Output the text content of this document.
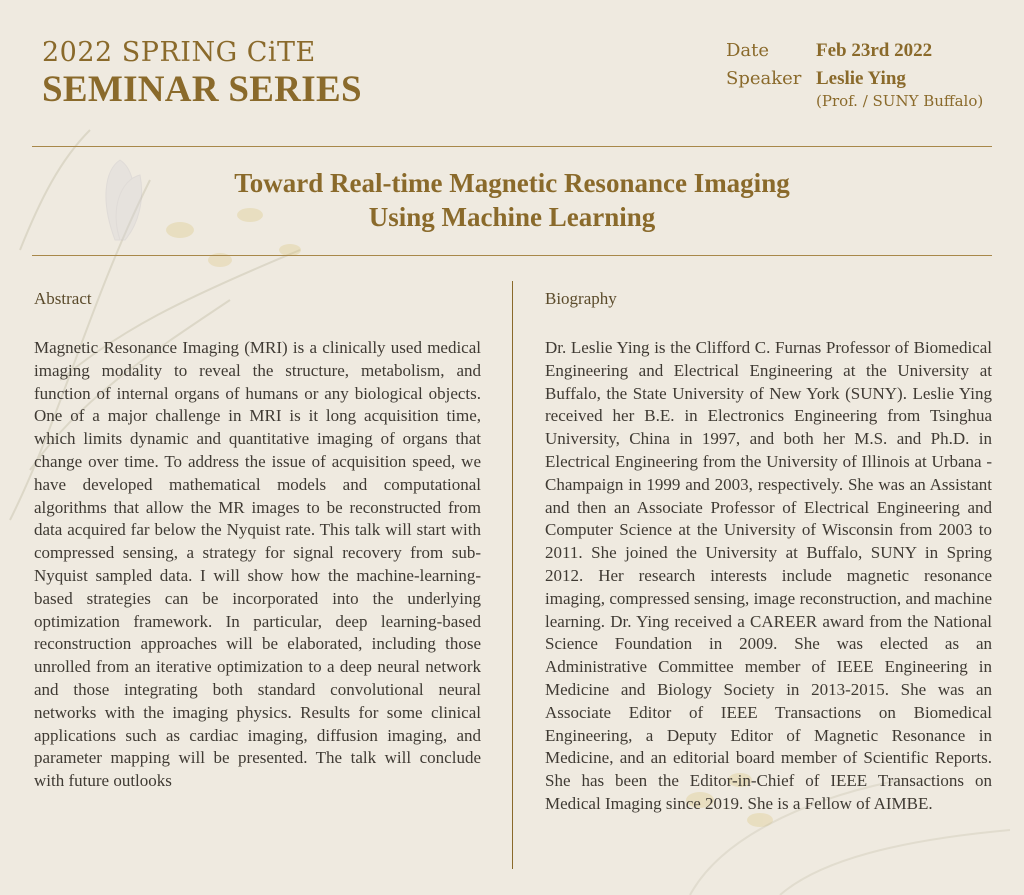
2022 SPRING CiTE
SEMINAR SERIES
Date	Feb 23rd 2022
Speaker Leslie Ying
(Prof. / SUNY Buffalo)
Toward Real-time Magnetic Resonance Imaging
Using Machine Learning
Abstract
Magnetic Resonance Imaging (MRI) is a clinically used medical imaging modality to reveal the structure, metabolism, and function of internal organs of humans or any biological objects. One of a major challenge in MRI is it long acquisition time, which limits dynamic and quantitative imaging of organs that change over time. To address the issue of acquisition speed, we have developed mathematical models and computational algorithms that allow the MR images to be reconstructed from data acquired far below the Nyquist rate. This talk will start with compressed sensing, a strategy for signal recovery from sub-Nyquist sampled data. I will show how the machine-learning-based strategies can be incorporated into the underlying optimization framework. In particular, deep learning-based reconstruction approaches will be elaborated, including those unrolled from an iterative optimization to a deep neural network and those integrating both standard convolutional neural networks with the imaging physics. Results for some clinical applications such as cardiac imaging, diffusion imaging, and parameter mapping will be presented. The talk will conclude with future outlooks
Biography
Dr. Leslie Ying is the Clifford C. Furnas Professor of Biomedical Engineering and Electrical Engineering at the University at Buffalo, the State University of New York (SUNY). Leslie Ying received her B.E. in Electronics Engineering from Tsinghua University, China in 1997, and both her M.S. and Ph.D. in Electrical Engineering from the University of Illinois at Urbana - Champaign in 1999 and 2003, respectively. She was an Assistant and then an Associate Professor of Electrical Engineering and Computer Science at the University of Wisconsin from 2003 to 2011. She joined the University at Buffalo, SUNY in Spring 2012. Her research interests include magnetic resonance imaging, compressed sensing, image reconstruction, and machine learning. Dr. Ying received a CAREER award from the National Science Foundation in 2009. She was elected as an Administrative Committee member of IEEE Engineering in Medicine and Biology Society in 2013-2015. She was an Associate Editor of IEEE Transactions on Biomedical Engineering, a Deputy Editor of Magnetic Resonance in Medicine, and an editorial board member of Scientific Reports. She has been the Editor-in-Chief of IEEE Transactions on Medical Imaging since 2019. She is a Fellow of AIMBE.
